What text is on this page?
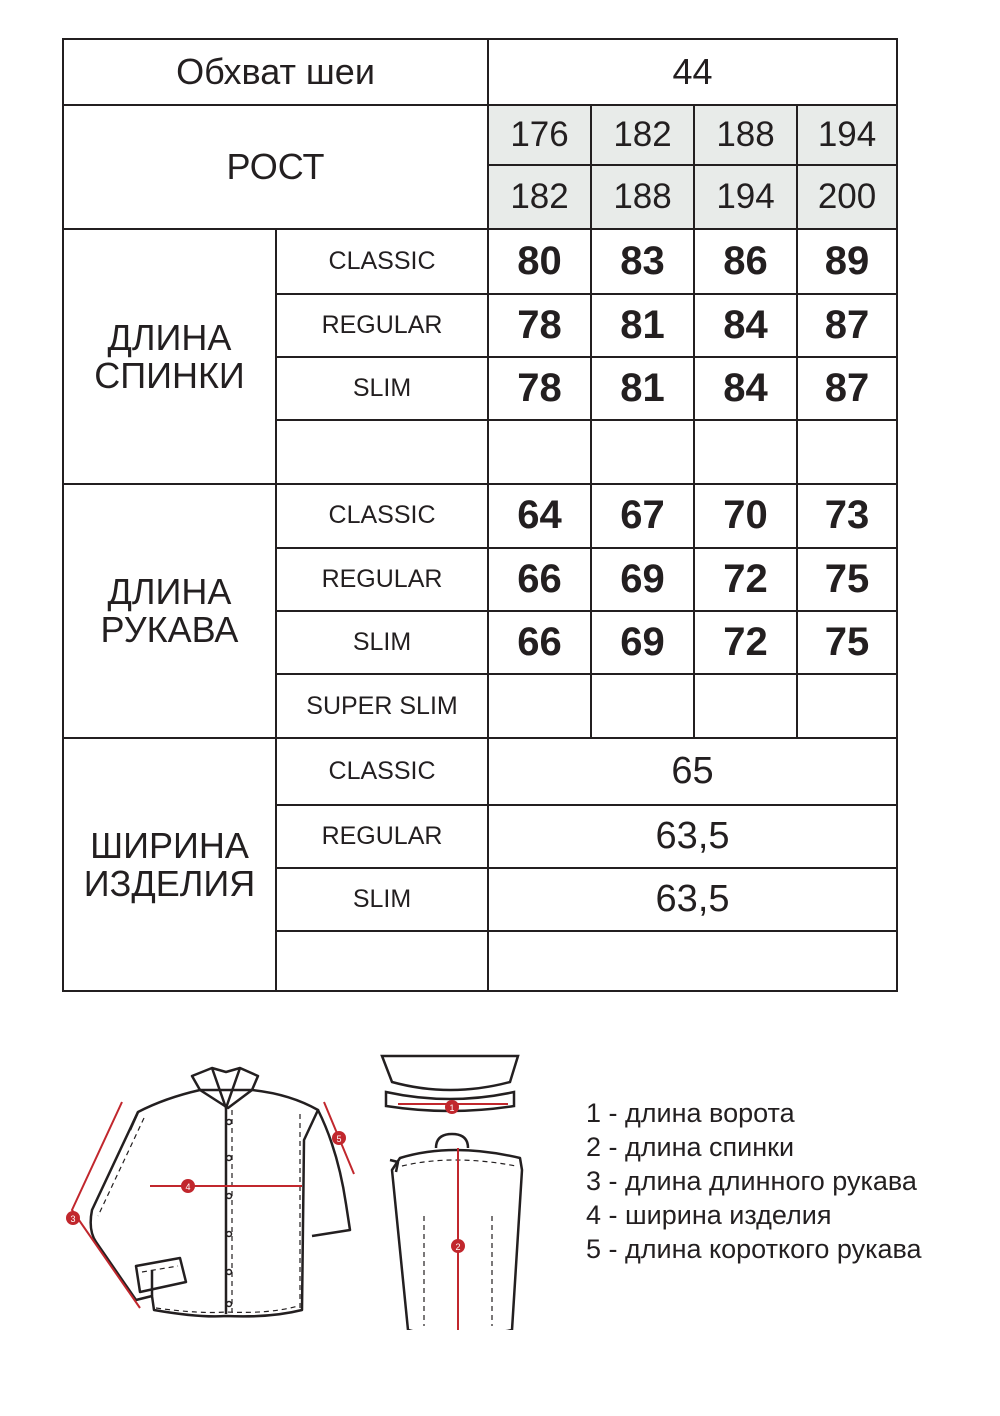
Обхват шеи		44			
РОСТ		176	182	188	194
		182	188	194	200
ДЛИНА
СПИНКИ	CLASSIC	80	83	86	89
	REGULAR	78	81	84	87
	SLIM	78	81	84	87

ДЛИНА
РУКАВА	CLASSIC	64	67	70	73
	REGULAR	66	69	72	75
	SLIM	66	69	72	75
	SUPER SLIM				
ШИРИНА
ИЗДЕЛИЯ	CLASSIC	65			
	REGULAR	63,5			
	SLIM	63,5			

1
2
3
4
5
1 - длина ворота
2 - длина спинки
3 - длина длинного рукава
4 - ширина изделия
5 - длина короткого рукава
